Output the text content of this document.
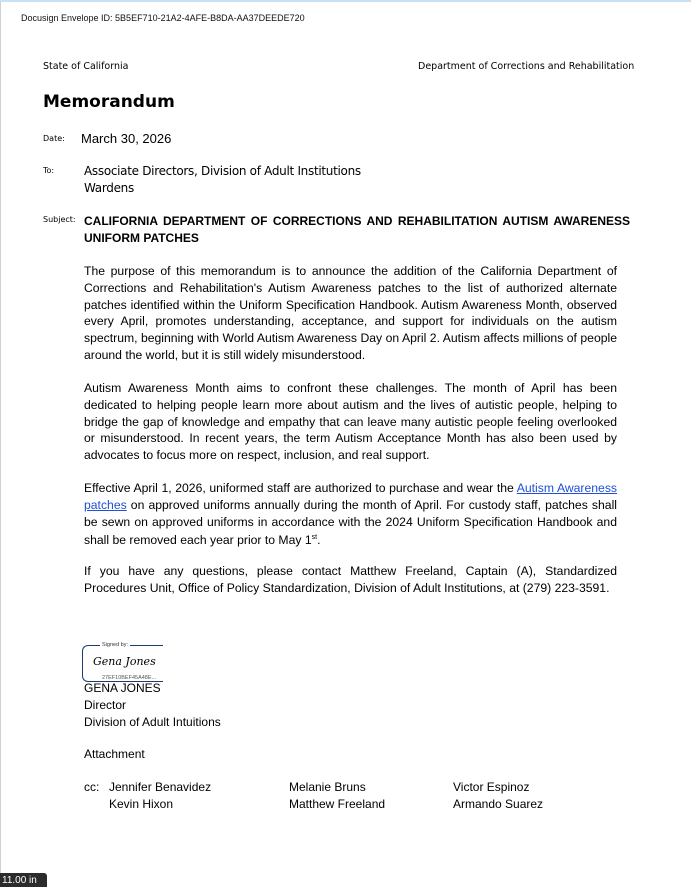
Docusign Envelope ID: 5B5EF710-21A2-4AFE-B8DA-AA37DEEDE720
State of California	Department of Corrections and Rehabilitation
Memorandum
Date: March 30, 2026
To: Associate Directors, Division of Adult Institutions
Wardens
Subject: CALIFORNIA DEPARTMENT OF CORRECTIONS AND REHABILITATION AUTISM AWARENESS UNIFORM PATCHES
The purpose of this memorandum is to announce the addition of the California Department of Corrections and Rehabilitation's Autism Awareness patches to the list of authorized alternate patches identified within the Uniform Specification Handbook. Autism Awareness Month, observed every April, promotes understanding, acceptance, and support for individuals on the autism spectrum, beginning with World Autism Awareness Day on April 2. Autism affects millions of people around the world, but it is still widely misunderstood.
Autism Awareness Month aims to confront these challenges. The month of April has been dedicated to helping people learn more about autism and the lives of autistic people, helping to bridge the gap of knowledge and empathy that can leave many autistic people feeling overlooked or misunderstood. In recent years, the term Autism Acceptance Month has also been used by advocates to focus more on respect, inclusion, and real support.
Effective April 1, 2026, uniformed staff are authorized to purchase and wear the Autism Awareness patches on approved uniforms annually during the month of April. For custody staff, patches shall be sewn on approved uniforms in accordance with the 2024 Uniform Specification Handbook and shall be removed each year prior to May 1st.
If you have any questions, please contact Matthew Freeland, Captain (A), Standardized Procedures Unit, Office of Policy Standardization, Division of Adult Institutions, at (279) 223-3591.
Signed by:
Gena Jones
27EF10BEF45A48E...
GENA JONES
Director
Division of Adult Intuitions
Attachment
cc: Jennifer Benavidez	Melanie Bruns	Victor Espinoz
Kevin Hixon	Matthew Freeland	Armando Suarez
11.00 in
